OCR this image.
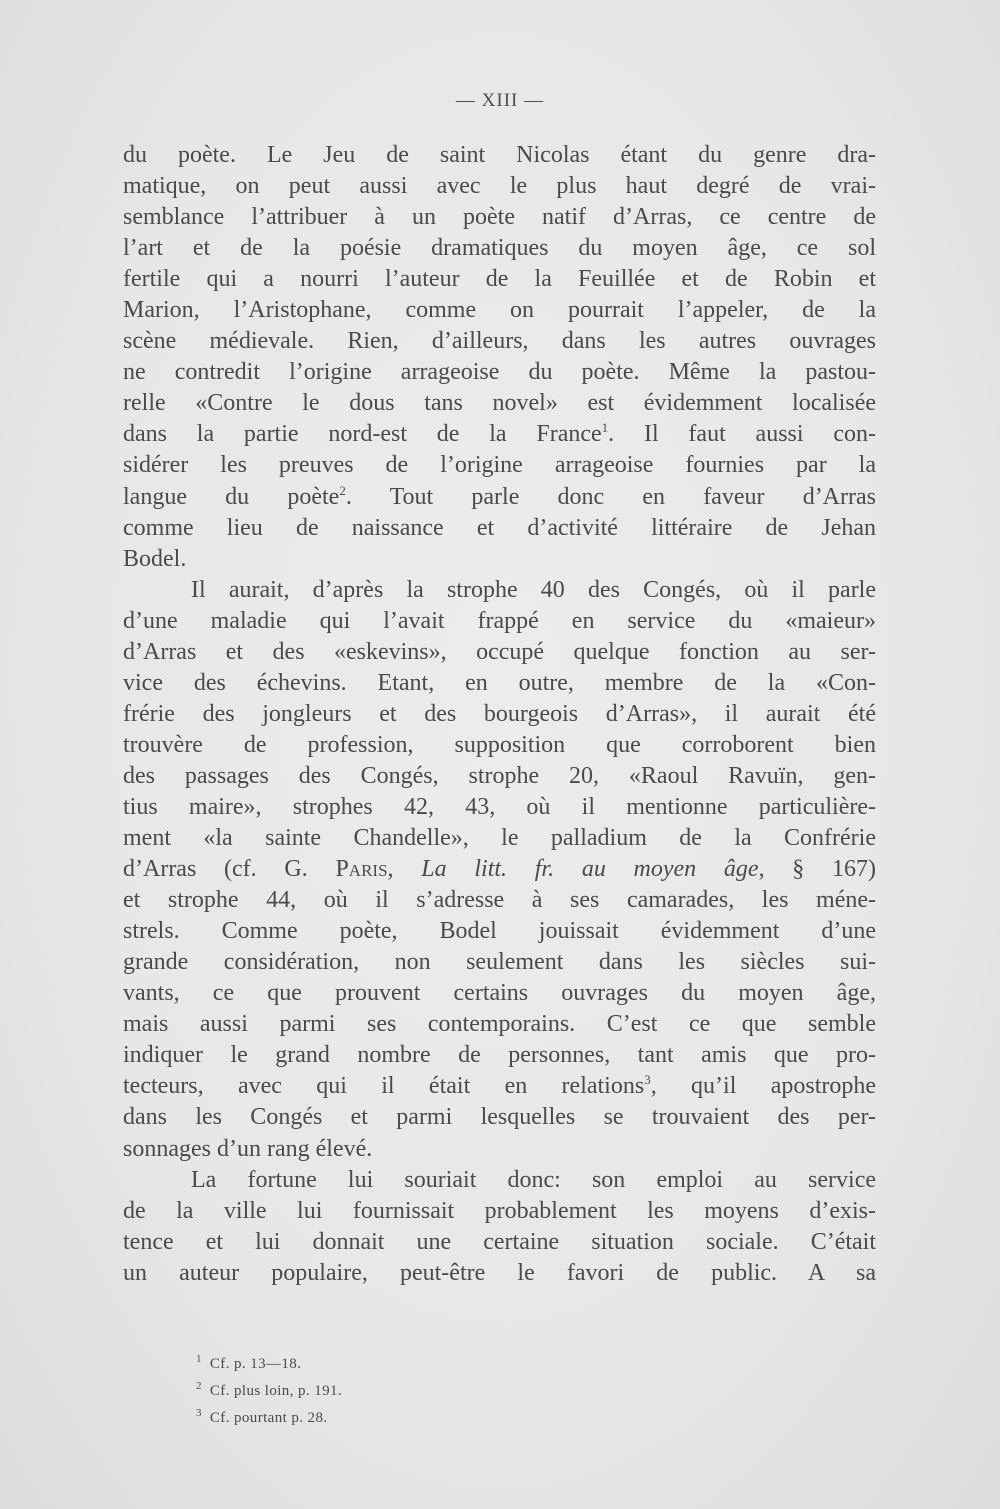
— XIII —
du poète. Le Jeu de saint Nicolas étant du genre dra-
matique, on peut aussi avec le plus haut degré de vrai-
semblance l’attribuer à un poète natif d’Arras, ce centre de
l’art et de la poésie dramatiques du moyen âge, ce sol
fertile qui a nourri l’auteur de la Feuillée et de Robin et
Marion, l’Aristophane, comme on pourrait l’appeler, de la
scène médievale. Rien, d’ailleurs, dans les autres ouvrages
ne contredit l’origine arrageoise du poète. Même la pastou-
relle «Contre le dous tans novel» est évidemment localisée
dans la partie nord-est de la France$^1$. Il faut aussi con-
sidérer les preuves de l’origine arrageoise fournies par la
langue du poète$^2$. Tout parle donc en faveur d’Arras
comme lieu de naissance et d’activité littéraire de Jehan
Bodel.
Il aurait, d’après la strophe 40 des Congés, où il parle
d’une maladie qui l’avait frappé en service du «maieur»
d’Arras et des «eskevins», occupé quelque fonction au ser-
vice des échevins. Etant, en outre, membre de la «Con-
frérie des jongleurs et des bourgeois d’Arras», il aurait été
trouvère de profession, supposition que corroborent bien
des passages des Congés, strophe 20, «Raoul Ravuïn, gen-
tius maire», strophes 42, 43, où il mentionne particulière-
ment «la sainte Chandelle», le palladium de la Confrérie
d’Arras (cf. G. Paris, La litt. fr. au moyen âge, § 167)
et strophe 44, où il s’adresse à ses camarades, les méne-
strels. Comme poète, Bodel jouissait évidemment d’une
grande considération, non seulement dans les siècles sui-
vants, ce que prouvent certains ouvrages du moyen âge,
mais aussi parmi ses contemporains. C’est ce que semble
indiquer le grand nombre de personnes, tant amis que pro-
tecteurs, avec qui il était en relations$^3$, qu’il apostrophe
dans les Congés et parmi lesquelles se trouvaient des per-
sonnages d’un rang élevé.
La fortune lui souriait donc: son emploi au service
de la ville lui fournissait probablement les moyens d’exis-
tence et lui donnait une certaine situation sociale. C’était
un auteur populaire, peut-être le favori de public. A sa
$^1$ Cf. p. 13—18.
$^2$ Cf. plus loin, p. 191.
$^3$ Cf. pourtant p. 28.
